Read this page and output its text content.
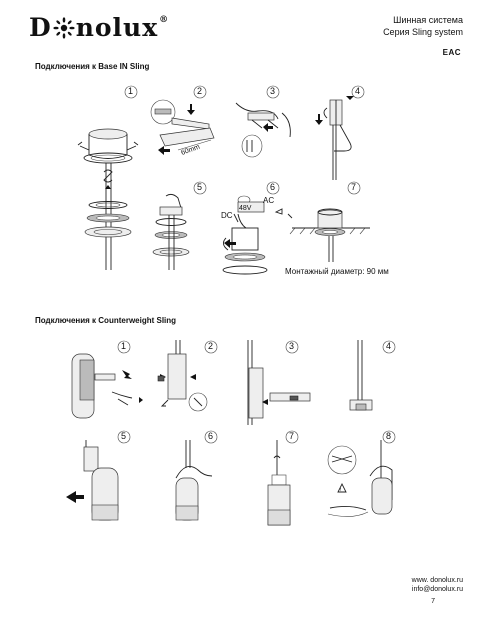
D nolux ®	Шинная система
Серия Sling system
EAC
Подключения к Base IN Sling
60mm
48V
AC
DC
!
1	2	3	4
5	6	7
Монтажный диаметр: 90 мм
Подключения к Counterweight Sling
1	2	3	4
5	6	7	8
www. donolux.ru
info@donolux.ru
7
